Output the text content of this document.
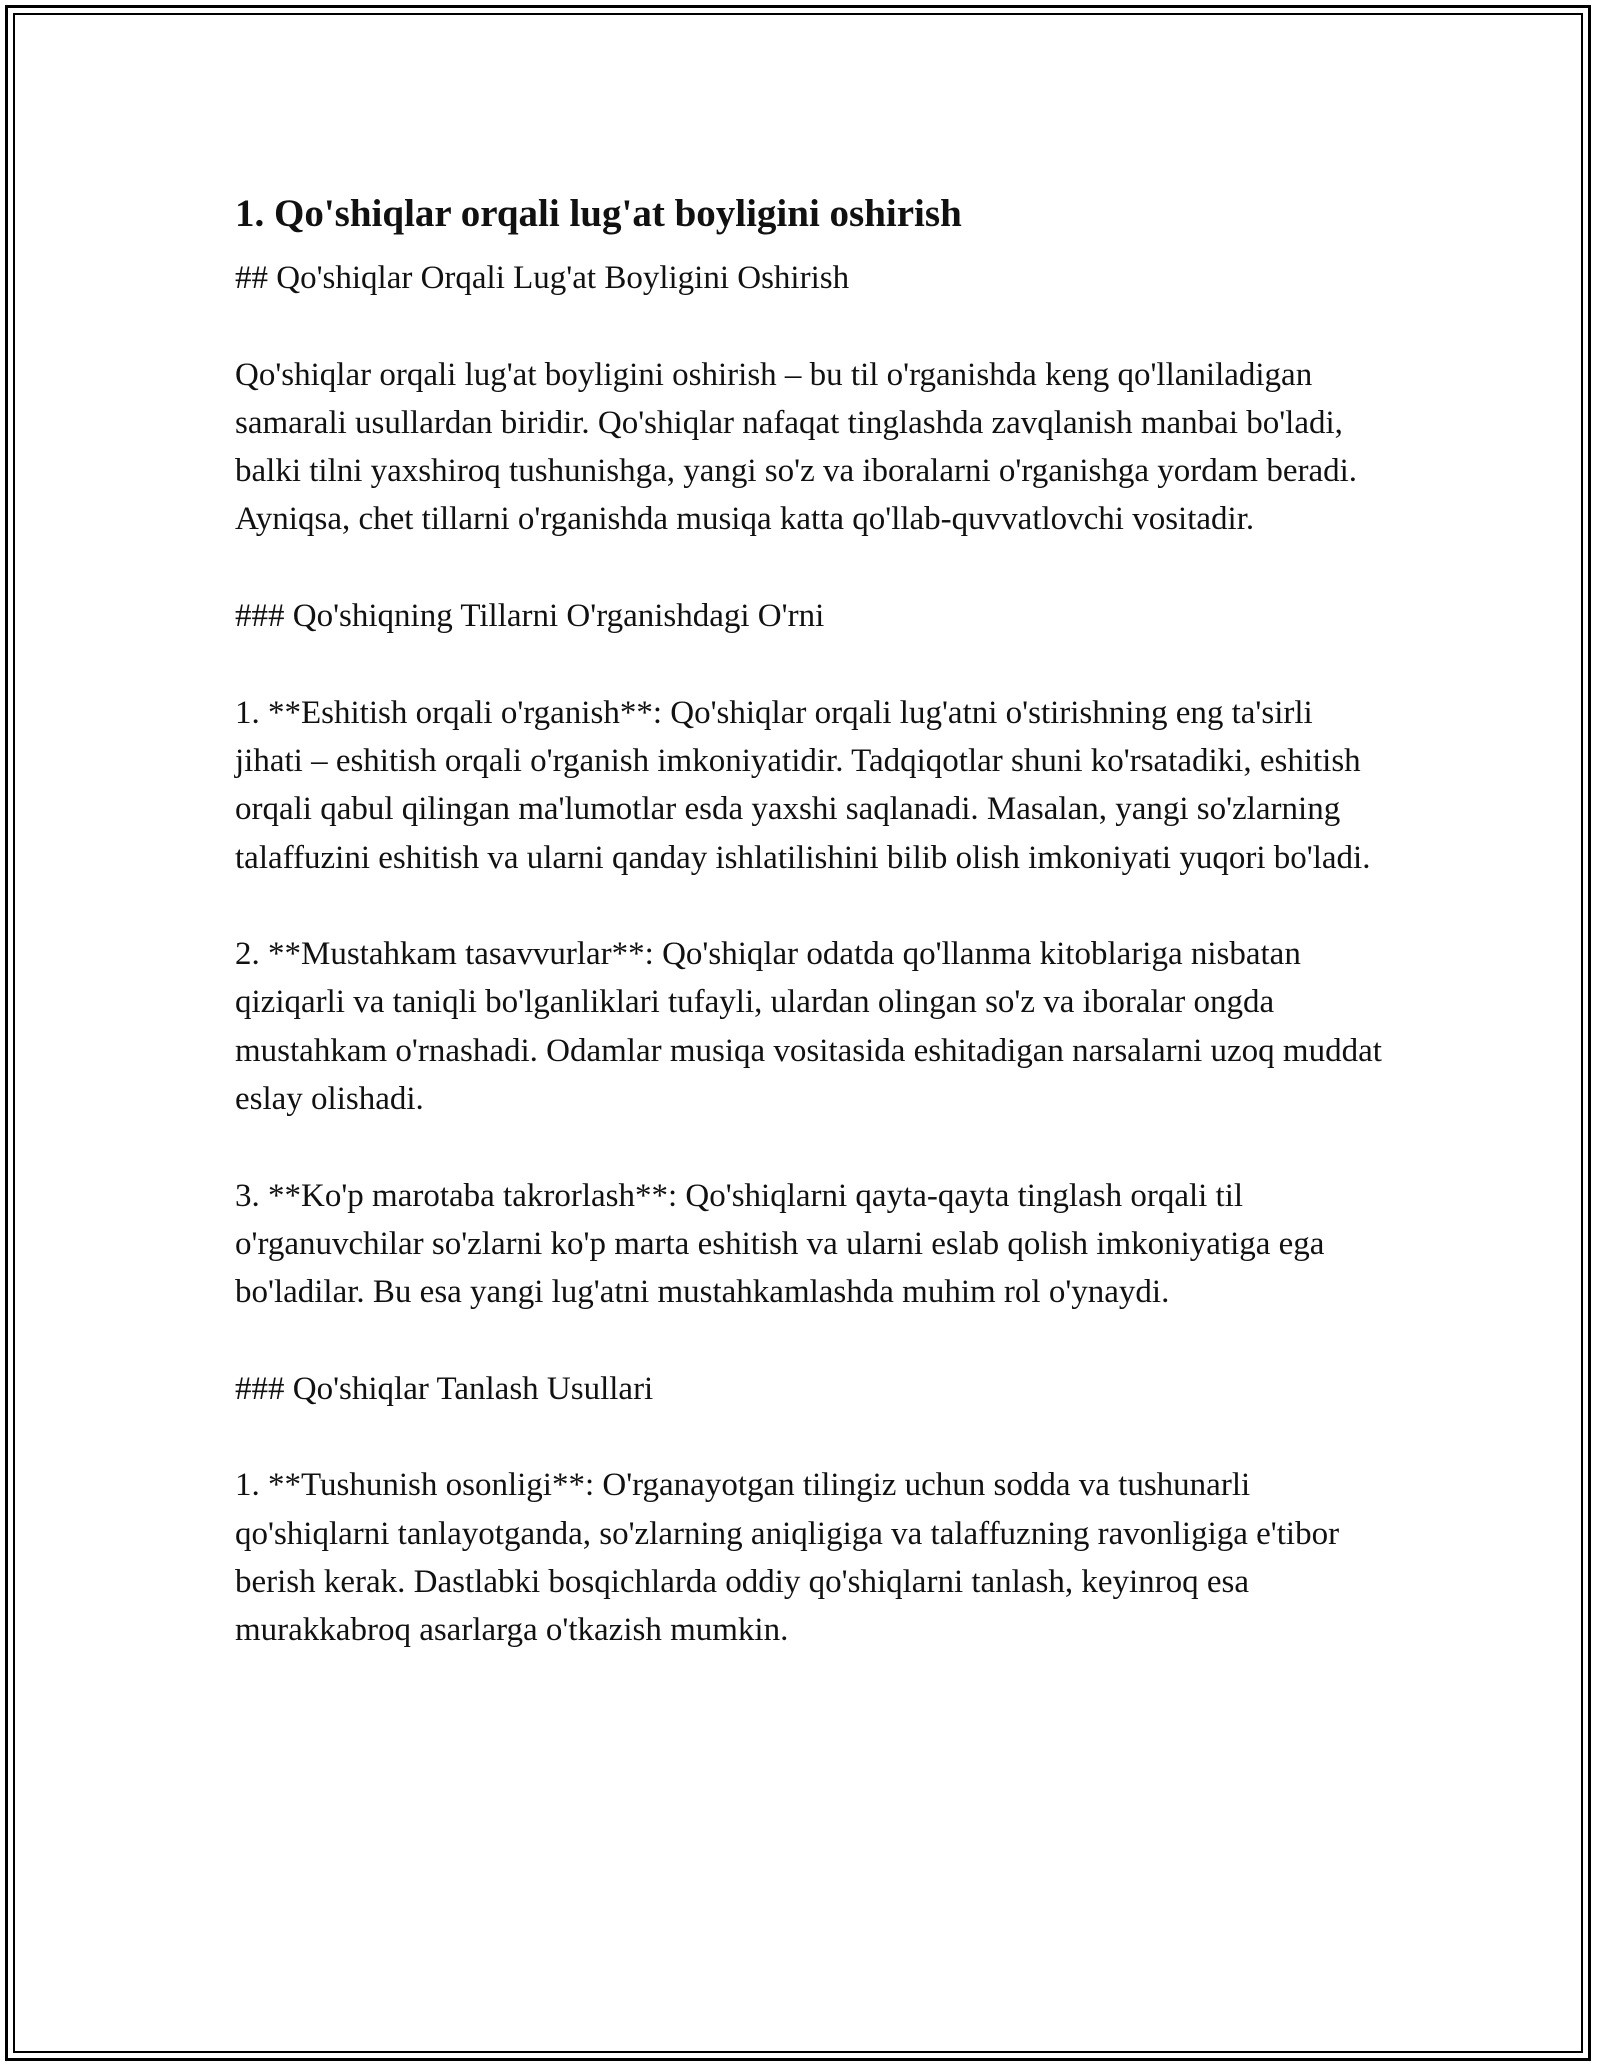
1. Qo'shiqlar orqali lug'at boyligini oshirish

## Qo'shiqlar Orqali Lug'at Boyligini Oshirish

Qo'shiqlar orqali lug'at boyligini oshirish – bu til o'rganishda keng qo'llaniladigan samarali usullardan biridir. Qo'shiqlar nafaqat tinglashda zavqlanish manbai bo'ladi, balki tilni yaxshiroq tushunishga, yangi so'z va iboralarni o'rganishga yordam beradi. Ayniqsa, chet tillarni o'rganishda musiqa katta qo'llab-quvvatlovchi vositadir.

### Qo'shiqning Tillarni O'rganishdagi O'rni

1. **Eshitish orqali o'rganish**: Qo'shiqlar orqali lug'atni o'stirishning eng ta'sirli jihati – eshitish orqali o'rganish imkoniyatidir. Tadqiqotlar shuni ko'rsatadiki, eshitish orqali qabul qilingan ma'lumotlar esda yaxshi saqlanadi. Masalan, yangi so'zlarning talaffuzini eshitish va ularni qanday ishlatilishini bilib olish imkoniyati yuqori bo'ladi.

2. **Mustahkam tasavvurlar**: Qo'shiqlar odatda qo'llanma kitoblariga nisbatan qiziqarli va taniqli bo'lganliklari tufayli, ulardan olingan so'z va iboralar ongda mustahkam o'rnashadi. Odamlar musiqa vositasida eshitadigan narsalarni uzoq muddat eslay olishadi.

3. **Ko'p marotaba takrorlash**: Qo'shiqlarni qayta-qayta tinglash orqali til o'rganuvchilar so'zlarni ko'p marta eshitish va ularni eslab qolish imkoniyatiga ega bo'ladilar. Bu esa yangi lug'atni mustahkamlashda muhim rol o'ynaydi.

### Qo'shiqlar Tanlash Usullari

1. **Tushunish osonligi**: O'rganayotgan tilingiz uchun sodda va tushunarli qo'shiqlarni tanlayotganda, so'zlarning aniqligiga va talaffuzning ravonligiga e'tibor berish kerak. Dastlabki bosqichlarda oddiy qo'shiqlarni tanlash, keyinroq esa murakkabroq asarlarga o'tkazish mumkin.
